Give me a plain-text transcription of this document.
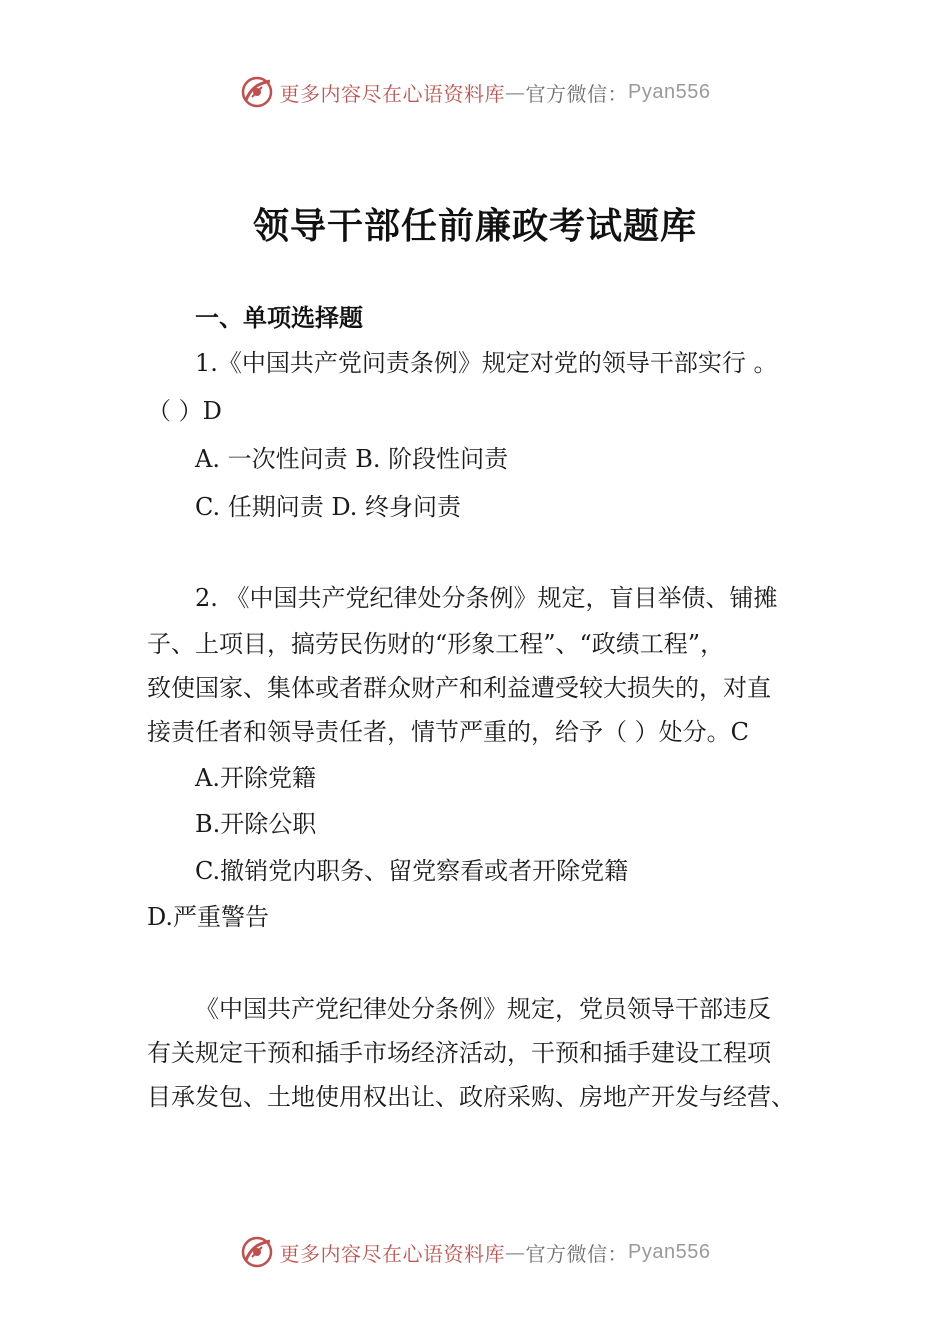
更多内容尽在心语资料库 — 官方微信： Pyan556
领导干部任前廉政考试题库
一、单项选择题
1.《中国共产党问责条例》规定对党的领导干部实行 。
（ ）D
A. 一次性问责 B. 阶段性问责
C. 任期问责 D. 终身问责
2. 《中国共产党纪律处分条例》规定，盲目举债、铺摊
子、上项目，搞劳民伤财的“形象工程”、“政绩工程”，
致使国家、集体或者群众财产和利益遭受较大损失的，对直
接责任者和领导责任者，情节严重的，给予（ ）处分。C
A.开除党籍
B.开除公职
C.撤销党内职务、留党察看或者开除党籍
D.严重警告
《中国共产党纪律处分条例》规定，党员领导干部违反
有关规定干预和插手市场经济活动，干预和插手建设工程项
目承发包、土地使用权出让、政府采购、房地产开发与经营、
更多内容尽在心语资料库 — 官方微信： Pyan556
